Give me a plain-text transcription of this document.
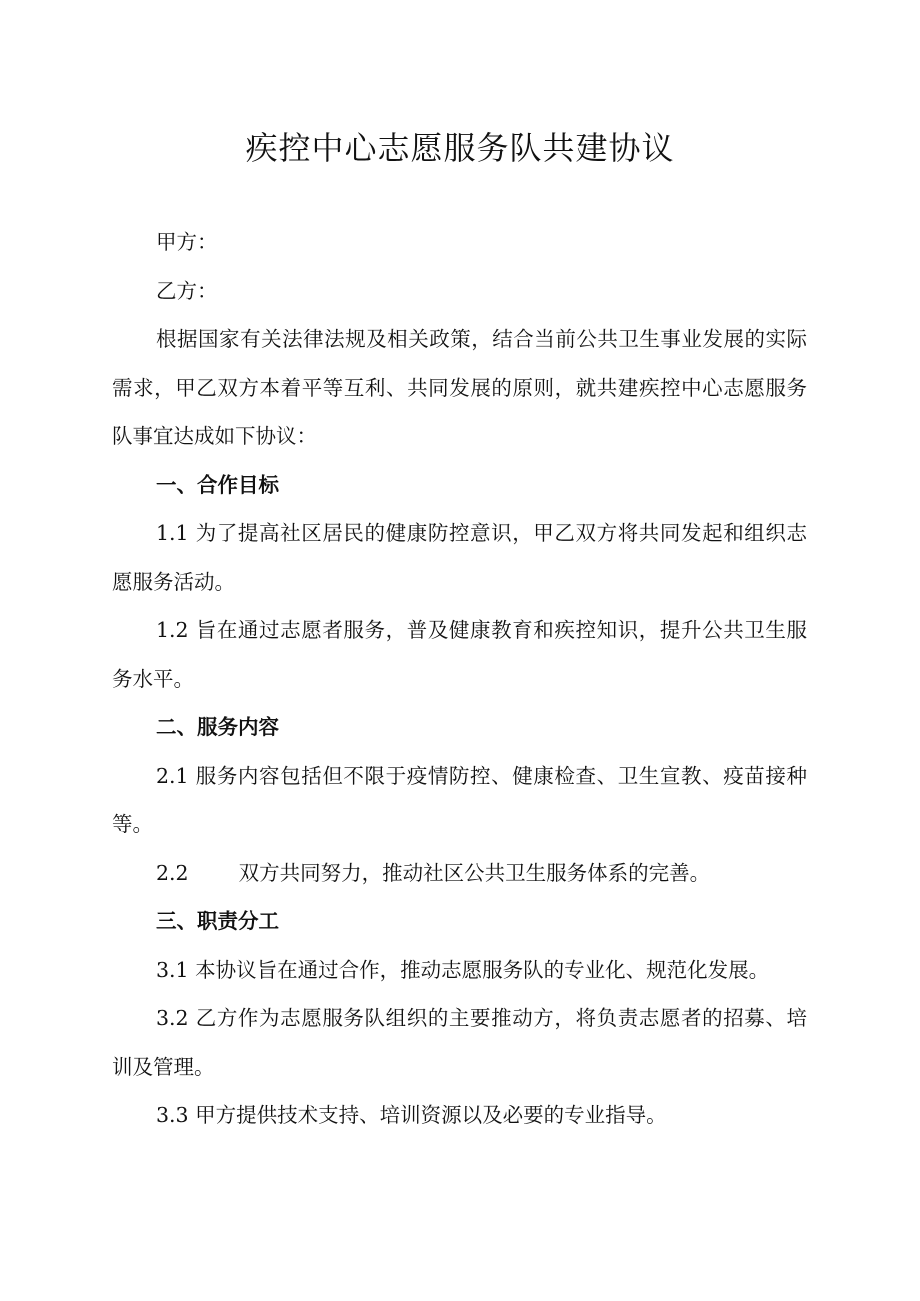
疾控中心志愿服务队共建协议

甲方：

乙方：

根据国家有关法律法规及相关政策，结合当前公共卫生事业发展的实际需求，甲乙双方本着平等互利、共同发展的原则，就共建疾控中心志愿服务队事宜达成如下协议：

一、合作目标

1.1 为了提高社区居民的健康防控意识，甲乙双方将共同发起和组织志愿服务活动。

1.2 旨在通过志愿者服务，普及健康教育和疾控知识，提升公共卫生服务水平。

二、服务内容

2.1 服务内容包括但不限于疫情防控、健康检查、卫生宣教、疫苗接种等。

2.2 双方共同努力，推动社区公共卫生服务体系的完善。

三、职责分工

3.1 本协议旨在通过合作，推动志愿服务队的专业化、规范化发展。

3.2 乙方作为志愿服务队组织的主要推动方，将负责志愿者的招募、培训及管理。

3.3 甲方提供技术支持、培训资源以及必要的专业指导。
